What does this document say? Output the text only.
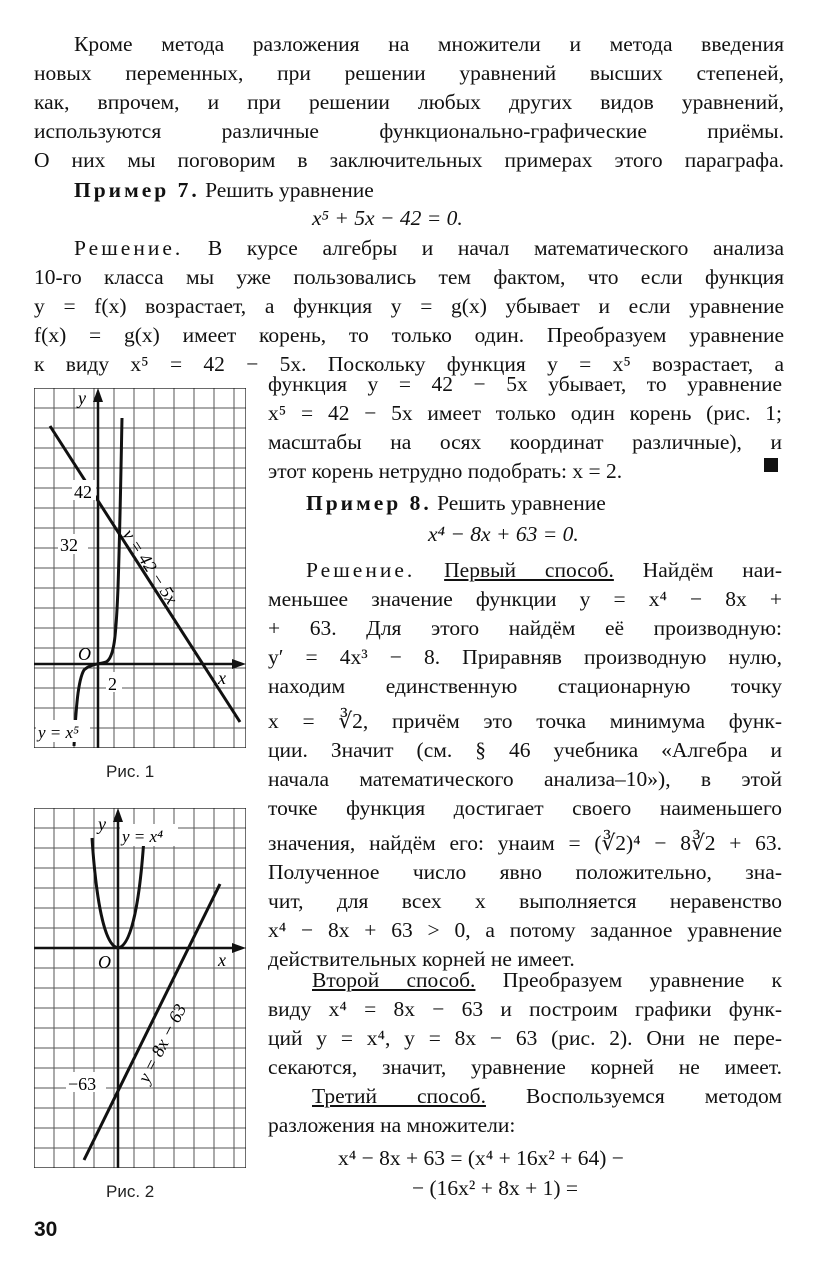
Кроме метода разложения на множители и метода введения
новых переменных, при решении уравнений высших степеней,
как, впрочем, и при решении любых других видов уравнений,
используются различные функционально-графические приёмы.
О них мы поговорим в заключительных примерах этого параграфа.
Пример 7. Решить уравнение
x⁵ + 5x − 42 = 0.
Решение. В курсе алгебры и начал математического анализа
10-го класса мы уже пользовались тем фактом, что если функция
y = f(x) возрастает, а функция y = g(x) убывает и если уравнение
f(x) = g(x) имеет корень, то только один. Преобразуем уравнение
к виду x⁵ = 42 − 5x. Поскольку функция y = x⁵ возрастает, а
функция y = 42 − 5x убывает, то уравнение
x⁵ = 42 − 5x имеет только один корень (рис. 1;
масштабы на осях координат различные), и
этот корень нетрудно подобрать: x = 2.
Пример 8. Решить уравнение
x⁴ − 8x + 63 = 0.
Решение. Первый способ. Найдём наи-
меньшее значение функции y = x⁴ − 8x +
+ 63. Для этого найдём её производную:
y′ = 4x³ − 8. Приравняв производную нулю,
находим единственную стационарную точку
x = ∛2, причём это точка минимума функ-
ции. Значит (см. § 46 учебника «Алгебра и
начала математического анализа–10»), в этой
точке функция достигает своего наименьшего
значения, найдём его: yнаим = (∛2)⁴ − 8∛2 + 63.
Полученное число явно положительно, зна-
чит, для всех x выполняется неравенство
x⁴ − 8x + 63 > 0, а потому заданное уравнение
действительных корней не имеет.
Второй способ. Преобразуем уравнение к
виду x⁴ = 8x − 63 и построим графики функ-
ций y = x⁴, y = 8x − 63 (рис. 2). Они не пере-
секаются, значит, уравнение корней не имеет.
Третий способ. Воспользуемся методом
разложения на множители:
x⁴ − 8x + 63 = (x⁴ + 16x² + 64) −
− (16x² + 8x + 1) =
42
32
O
2
y
x
y = x⁵
y = 42 − 5x
Рис. 1
y = x⁴
y
O	x
−63 y = 8x − 63
Рис. 2
30
